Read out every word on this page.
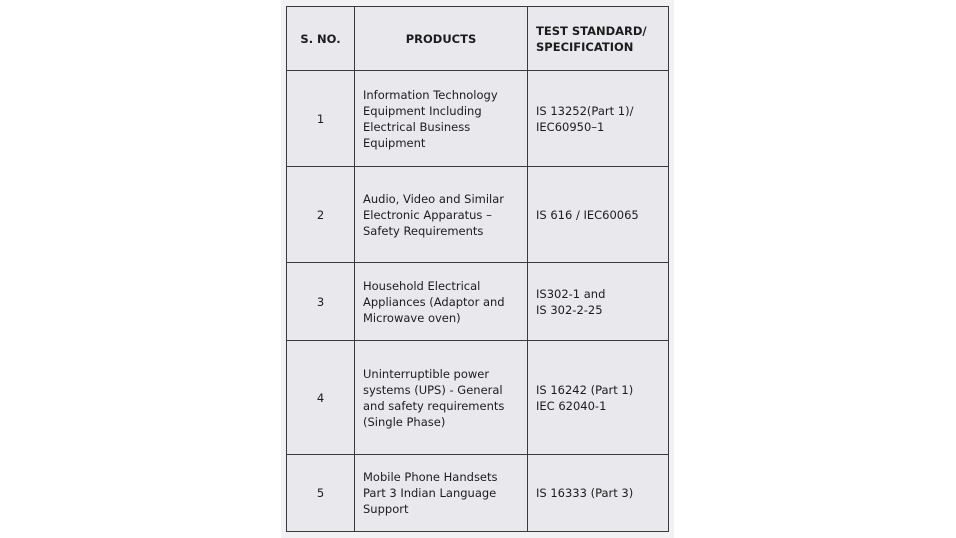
S. NO.	PRODUCTS	TEST STANDARD/
SPECIFICATION

1	Information Technology
Equipment Including
Electrical Business
Equipment	IS 13252(Part 1)/
IEC60950–1

2	Audio, Video and Similar
Electronic Apparatus –
Safety Requirements	IS 616 / IEC60065

3	Household Electrical
Appliances (Adaptor and
Microwave oven)	IS302-1 and
IS 302-2-25

4	Uninterruptible power
systems (UPS) - General
and safety requirements
(Single Phase)	IS 16242 (Part 1)
IEC 62040-1

5	Mobile Phone Handsets
Part 3 Indian Language
Support	IS 16333 (Part 3)
